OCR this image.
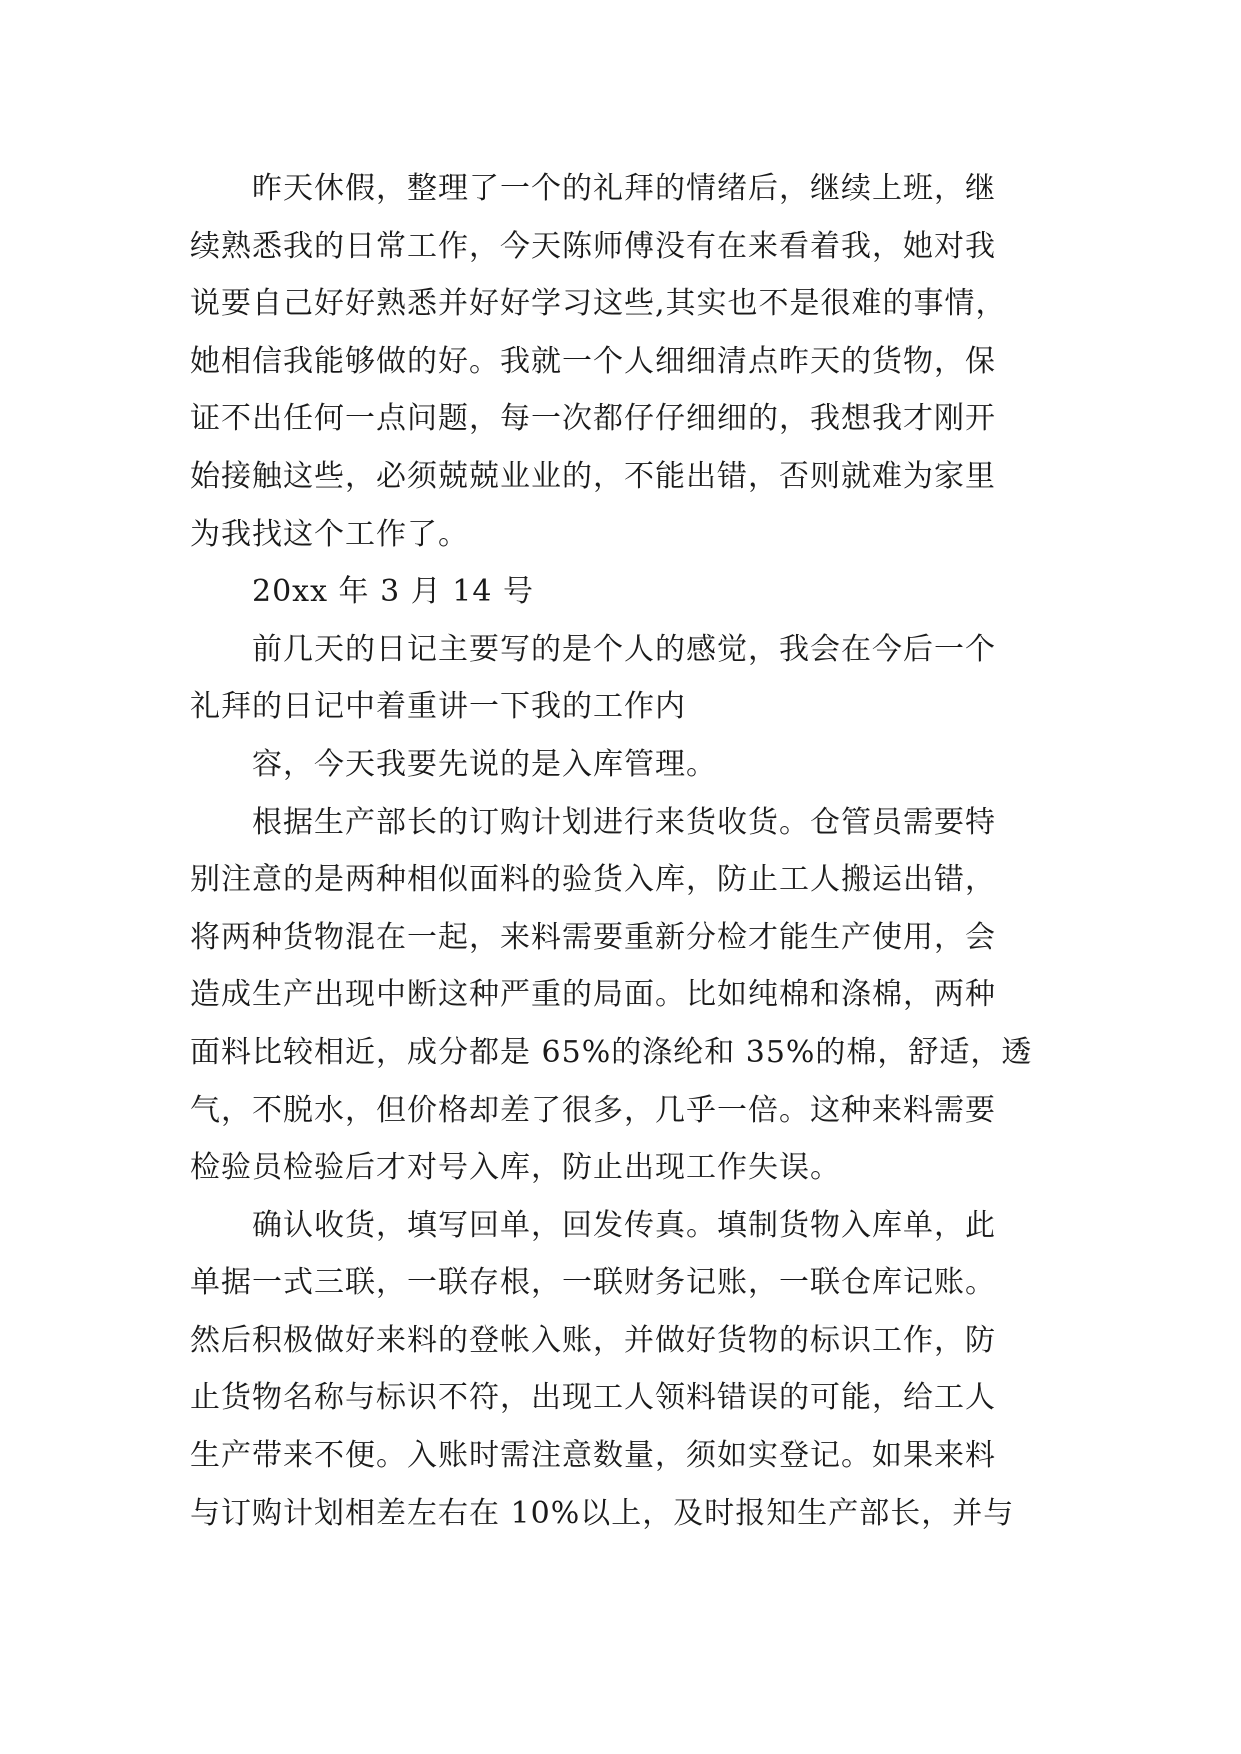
昨天休假，整理了一个的礼拜的情绪后，继续上班，继
续熟悉我的日常工作，今天陈师傅没有在来看着我，她对我
说要自己好好熟悉并好好学习这些,其实也不是很难的事情，
她相信我能够做的好。我就一个人细细清点昨天的货物，保
证不出任何一点问题，每一次都仔仔细细的，我想我才刚开
始接触这些，必须兢兢业业的，不能出错，否则就难为家里
为我找这个工作了。
20xx 年 3 月 14 号
前几天的日记主要写的是个人的感觉，我会在今后一个
礼拜的日记中着重讲一下我的工作内
容，今天我要先说的是入库管理。
根据生产部长的订购计划进行来货收货。仓管员需要特
别注意的是两种相似面料的验货入库，防止工人搬运出错，
将两种货物混在一起，来料需要重新分检才能生产使用，会
造成生产出现中断这种严重的局面。比如纯棉和涤棉，两种
面料比较相近，成分都是 65%的涤纶和 35%的棉，舒适，透
气，不脱水，但价格却差了很多，几乎一倍。这种来料需要
检验员检验后才对号入库，防止出现工作失误。
确认收货，填写回单，回发传真。填制货物入库单，此
单据一式三联，一联存根，一联财务记账，一联仓库记账。
然后积极做好来料的登帐入账，并做好货物的标识工作，防
止货物名称与标识不符，出现工人领料错误的可能，给工人
生产带来不便。入账时需注意数量，须如实登记。如果来料
与订购计划相差左右在 10%以上，及时报知生产部长，并与
